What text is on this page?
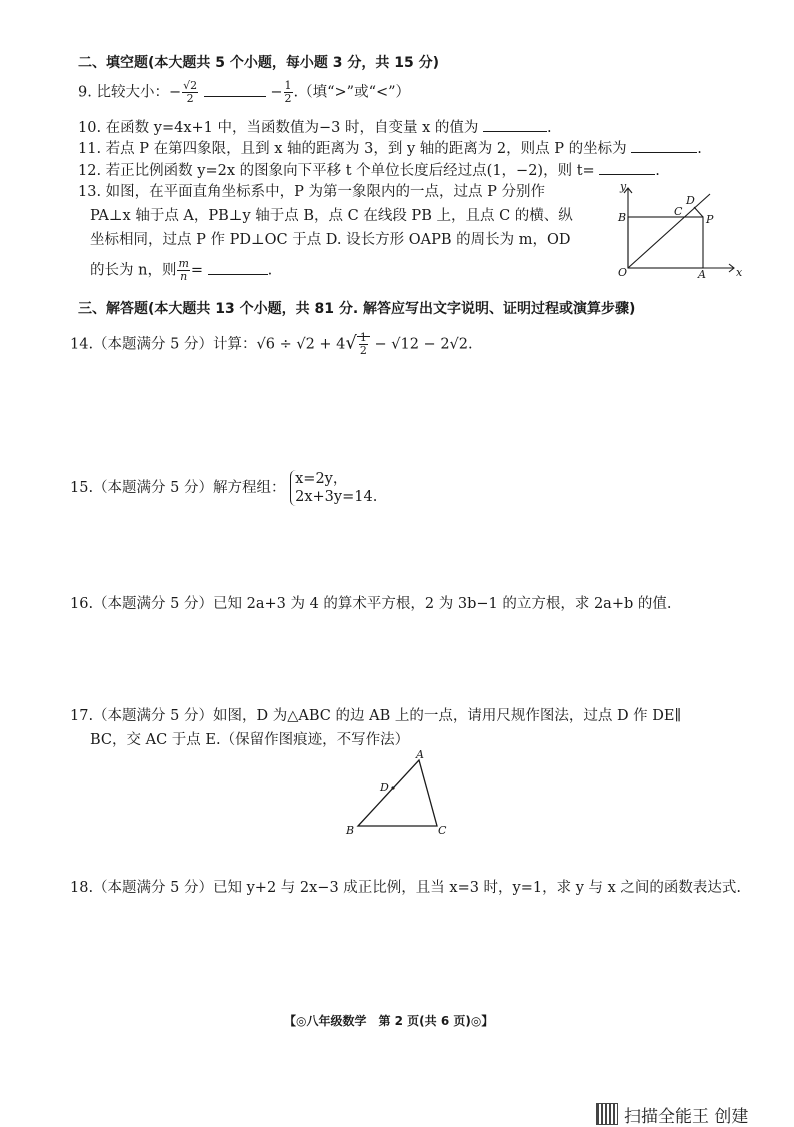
二、填空题(本大题共 5 个小题，每小题 3 分，共 15 分)
9. 比较大小：− $\frac{√2}{2}$	− $\frac{1}{2}$ .（填“>”或“<”）
10. 在函数 y=4x+1 中，当函数值为−3 时，自变量 x 的值为	.
11. 若点 P 在第四象限，且到 x 轴的距离为 3，到 y 轴的距离为 2，则点 P 的坐标为	.
12. 若正比例函数 y=2x 的图象向下平移 t 个单位长度后经过点(1，−2)，则 t=	.
13. 如图，在平面直角坐标系中，P 为第一象限内的一点，过点 P 分别作
PA⊥x 轴于点 A，PB⊥y 轴于点 B，点 C 在线段 PB 上，且点 C 的横、纵
坐标相同，过点 P 作 PD⊥OC 于点 D. 设长方形 OAPB 的周长为 m，OD
的长为 n，则 $\frac{m}{n}$ =	.
y
x
O	A
B	C
D
P
三、解答题(本大题共 13 个小题，共 81 分. 解答应写出文字说明、证明过程或演算步骤)
14.（本题满分 5 分）计算：$√6 \div √2 + 4√ \frac{1}{2} - √12 - 2√2$.
15.（本题满分 5 分）解方程组：
x=2y，
2x+3y=14.
16.（本题满分 5 分）已知 2a+3 为 4 的算术平方根，2 为 3b−1 的立方根，求 2a+b 的值.
17.（本题满分 5 分）如图，D 为△ABC 的边 AB 上的一点，请用尺规作图法，过点 D 作 DE∥
BC，交 AC 于点 E.（保留作图痕迹，不写作法）
A
B	C
D
18.（本题满分 5 分）已知 y+2 与 2x−3 成正比例，且当 x=3 时，y=1，求 y 与 x 之间的函数表达式.
【◎八年级数学　第 2 页(共 6 页)◎】
扫描全能王 创建
